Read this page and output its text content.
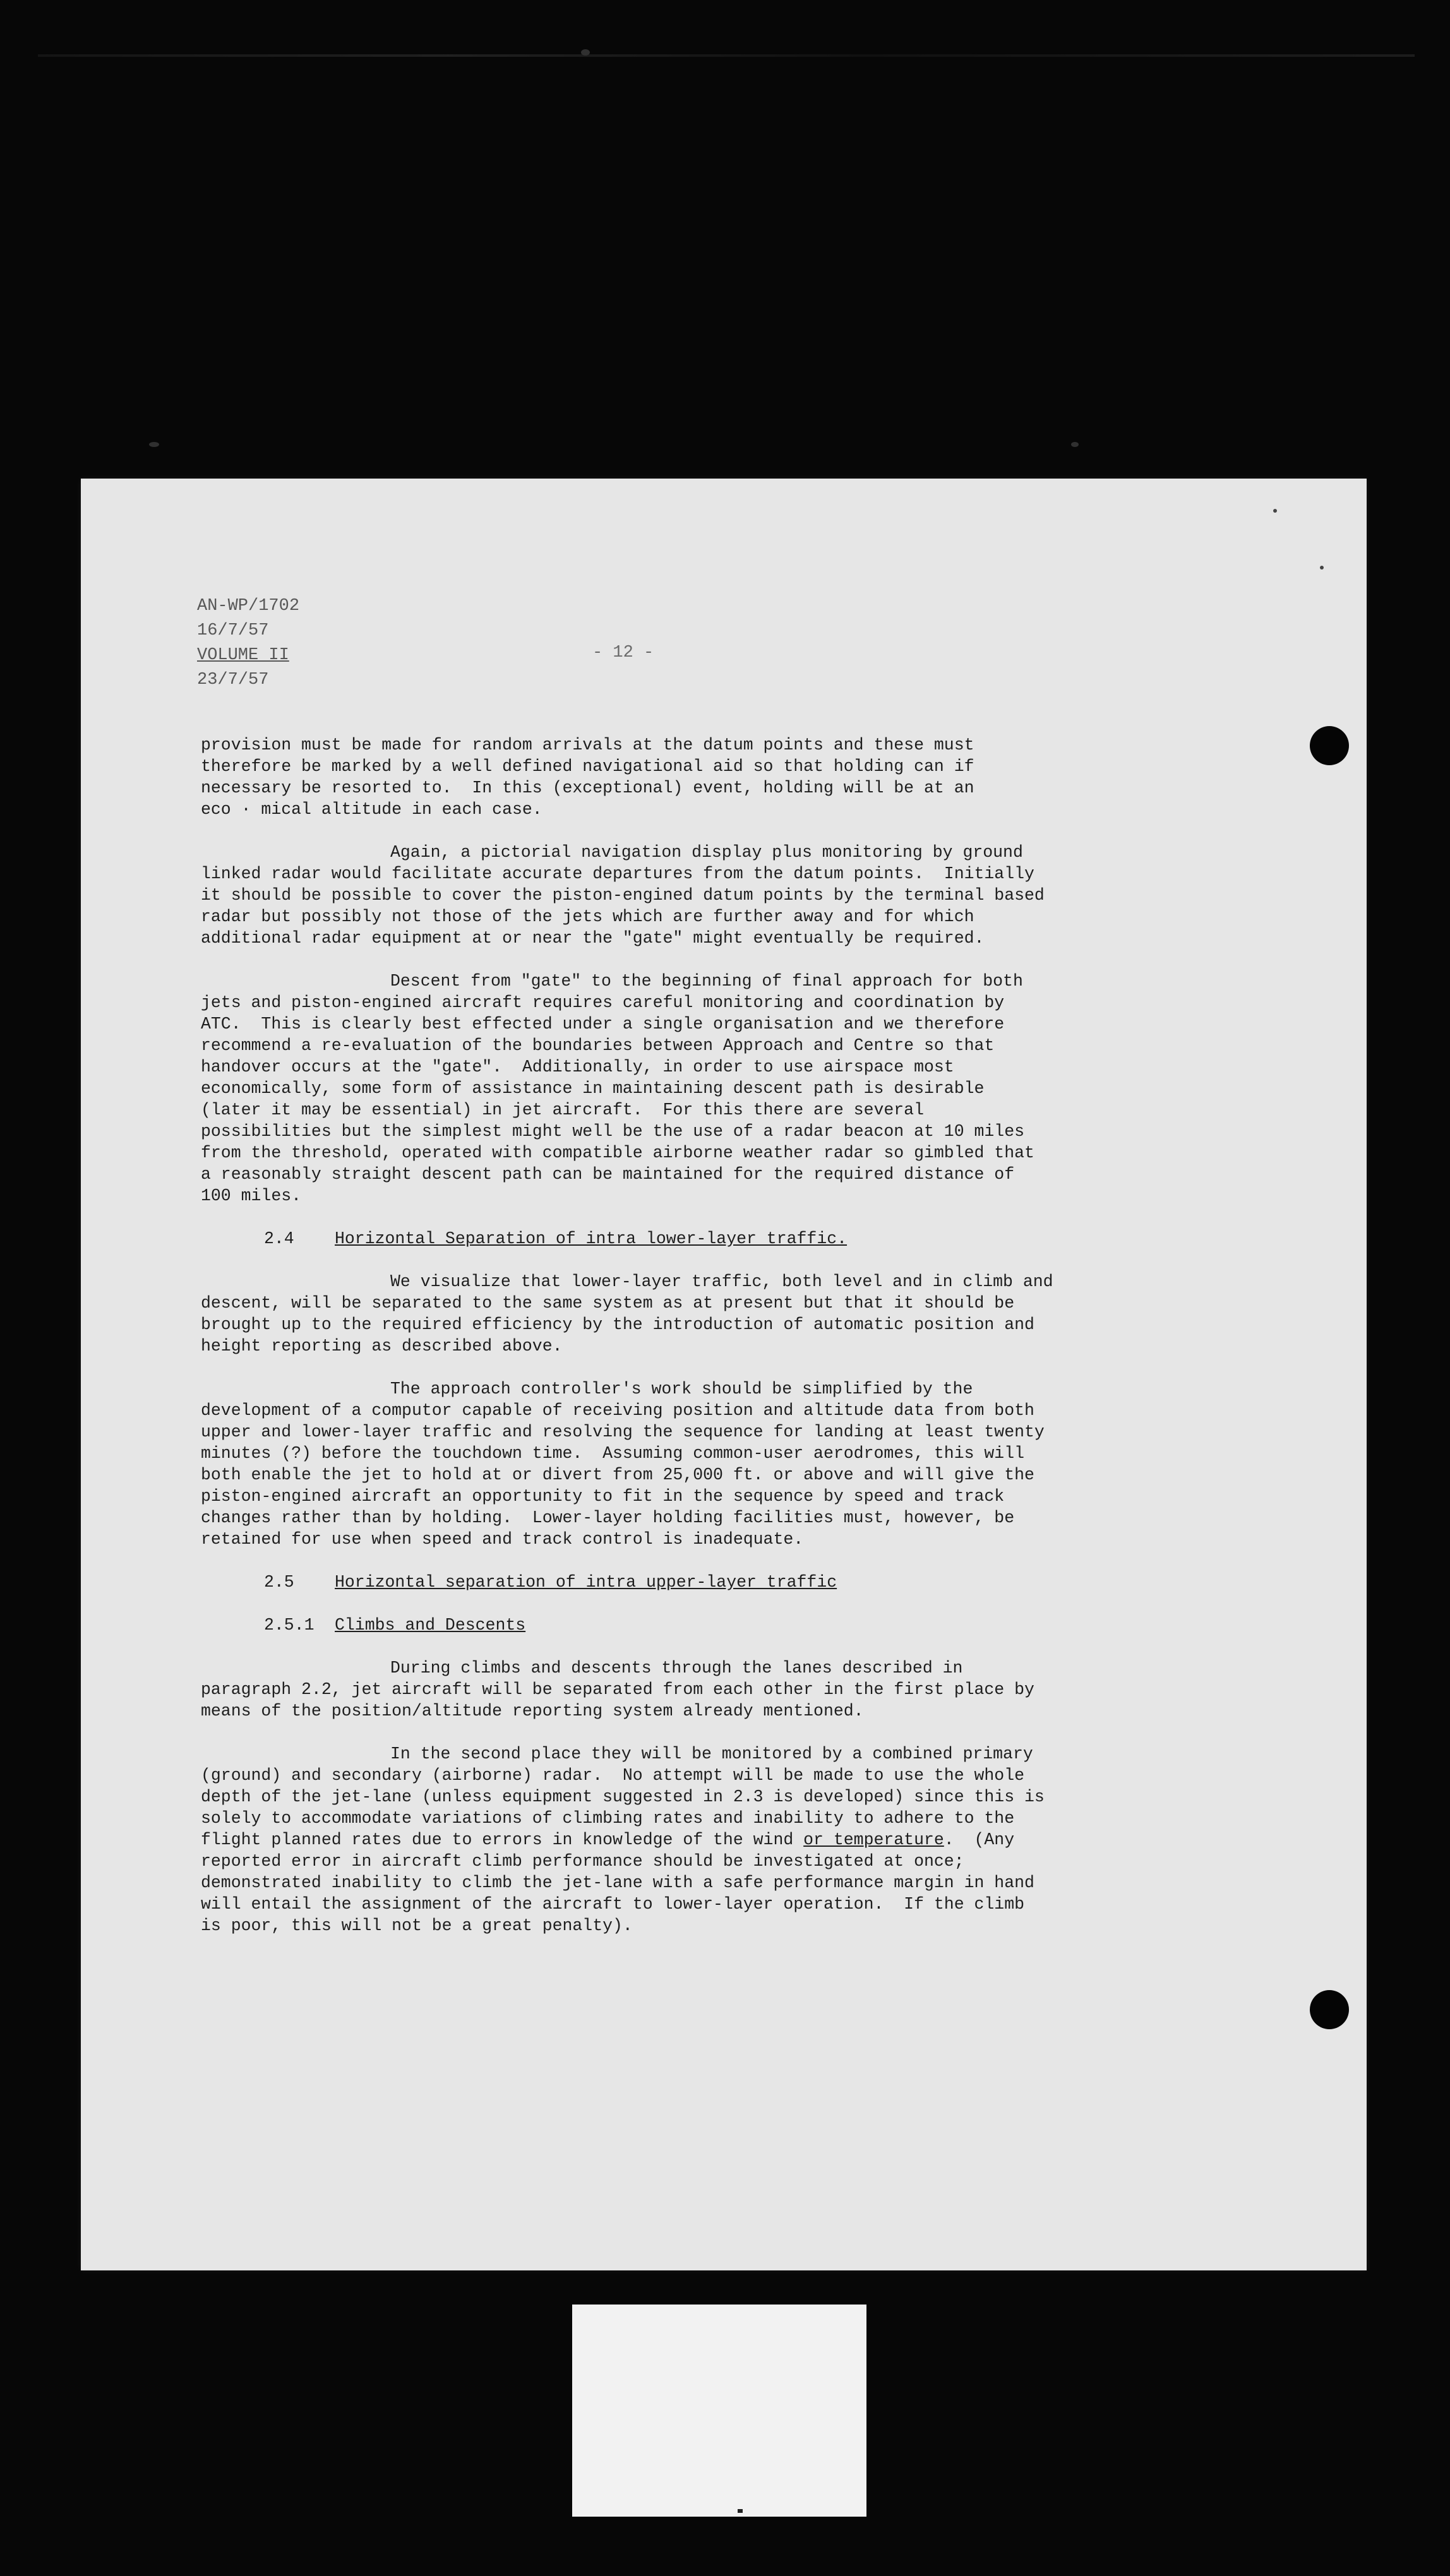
AN-WP/1702
16/7/57
VOLUME II
23/7/57
- 12 -
provision must be made for random arrivals at the datum points and these must
therefore be marked by a well defined navigational aid so that holding can if
necessary be resorted to.  In this (exceptional) event, holding will be at an
eco · mical altitude in each case.
Again, a pictorial navigation display plus monitoring by ground
linked radar would facilitate accurate departures from the datum points.  Initially
it should be possible to cover the piston-engined datum points by the terminal based
radar but possibly not those of the jets which are further away and for which
additional radar equipment at or near the "gate" might eventually be required.
Descent from "gate" to the beginning of final approach for both
jets and piston-engined aircraft requires careful monitoring and coordination by
ATC.  This is clearly best effected under a single organisation and we therefore
recommend a re-evaluation of the boundaries between Approach and Centre so that
handover occurs at the "gate".  Additionally, in order to use airspace most
economically, some form of assistance in maintaining descent path is desirable
(later it may be essential) in jet aircraft.  For this there are several
possibilities but the simplest might well be the use of a radar beacon at 10 miles
from the threshold, operated with compatible airborne weather radar so gimbled that
a reasonably straight descent path can be maintained for the required distance of
100 miles.
2.4	Horizontal Separation of intra lower-layer traffic.
We visualize that lower-layer traffic, both level and in climb and
descent, will be separated to the same system as at present but that it should be
brought up to the required efficiency by the introduction of automatic position and
height reporting as described above.
The approach controller's work should be simplified by the
development of a computor capable of receiving position and altitude data from both
upper and lower-layer traffic and resolving the sequence for landing at least twenty
minutes (?) before the touchdown time.  Assuming common-user aerodromes, this will
both enable the jet to hold at or divert from 25,000 ft. or above and will give the
piston-engined aircraft an opportunity to fit in the sequence by speed and track
changes rather than by holding.  Lower-layer holding facilities must, however, be
retained for use when speed and track control is inadequate.
2.5	Horizontal separation of intra upper-layer traffic
2.5.1	Climbs and Descents
During climbs and descents through the lanes described in
paragraph 2.2, jet aircraft will be separated from each other in the first place by
means of the position/altitude reporting system already mentioned.
In the second place they will be monitored by a combined primary
(ground) and secondary (airborne) radar.  No attempt will be made to use the whole
depth of the jet-lane (unless equipment suggested in 2.3 is developed) since this is
solely to accommodate variations of climbing rates and inability to adhere to the
flight planned rates due to errors in knowledge of the wind or temperature.  (Any
reported error in aircraft climb performance should be investigated at once;
demonstrated inability to climb the jet-lane with a safe performance margin in hand
will entail the assignment of the aircraft to lower-layer operation.  If the climb
is poor, this will not be a great penalty).
